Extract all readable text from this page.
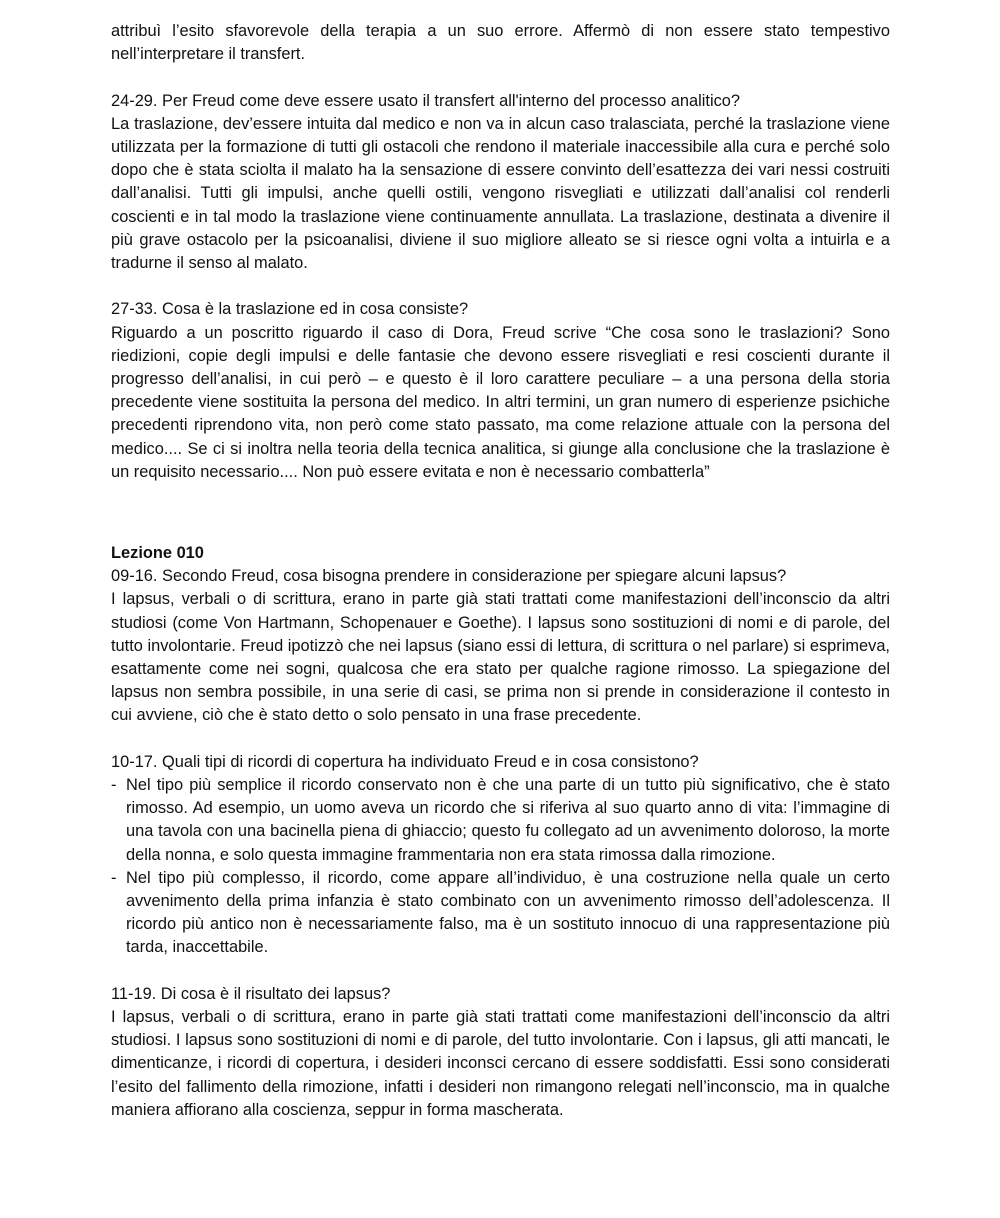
attribuì l’esito sfavorevole della terapia a un suo errore. Affermò di non essere stato tempestivo nell’interpretare il transfert.

24-29. Per Freud come deve essere usato il transfert all'interno del processo analitico?

La traslazione, dev’essere intuita dal medico e non va in alcun caso tralasciata, perché la traslazione viene utilizzata per la formazione di tutti gli ostacoli che rendono il materiale inaccessibile alla cura e perché solo dopo che è stata sciolta il malato ha la sensazione di essere convinto dell’esattezza dei vari nessi costruiti dall’analisi. Tutti gli impulsi, anche quelli ostili, vengono risvegliati e utilizzati dall’analisi col renderli coscienti e in tal modo la traslazione viene continuamente annullata. La traslazione, destinata a divenire il più grave ostacolo per la psicoanalisi, diviene il suo migliore alleato se si riesce ogni volta a intuirla e a tradurne il senso al malato.

27-33. Cosa è la traslazione ed in cosa consiste?

Riguardo a un poscritto riguardo il caso di Dora, Freud scrive “Che cosa sono le traslazioni? Sono riedizioni, copie degli impulsi e delle fantasie che devono essere risvegliati e resi coscienti durante il progresso dell’analisi, in cui però – e questo è il loro carattere peculiare – a una persona della storia precedente viene sostituita la persona del medico. In altri termini, un gran numero di esperienze psichiche precedenti riprendono vita, non però come stato passato, ma come relazione attuale con la persona del medico.... Se ci si inoltra nella teoria della tecnica analitica, si giunge alla conclusione che la traslazione è un requisito necessario.... Non può essere evitata e non è necessario combatterla”

Lezione 010

09-16. Secondo Freud, cosa bisogna prendere in considerazione per spiegare alcuni lapsus?

I lapsus, verbali o di scrittura, erano in parte già stati trattati come manifestazioni dell’inconscio da altri studiosi (come Von Hartmann, Schopenauer e Goethe). I lapsus sono sostituzioni di nomi e di parole, del tutto involontarie. Freud ipotizzò che nei lapsus (siano essi di lettura, di scrittura o nel parlare) si esprimeva, esattamente come nei sogni, qualcosa che era stato per qualche ragione rimosso. La spiegazione del lapsus non sembra possibile, in una serie di casi, se prima non si prende in considerazione il contesto in cui avviene, ciò che è stato detto o solo pensato in una frase precedente.

10-17. Quali tipi di ricordi di copertura ha individuato Freud e in cosa consistono?

- Nel tipo più semplice il ricordo conservato non è che una parte di un tutto più significativo, che è stato rimosso. Ad esempio, un uomo aveva un ricordo che si riferiva al suo quarto anno di vita: l’immagine di una tavola con una bacinella piena di ghiaccio; questo fu collegato ad un avvenimento doloroso, la morte della nonna, e solo questa immagine frammentaria non era stata rimossa dalla rimozione.
- Nel tipo più complesso, il ricordo, come appare all’individuo, è una costruzione nella quale un certo avvenimento della prima infanzia è stato combinato con un avvenimento rimosso dell’adolescenza. Il ricordo più antico non è necessariamente falso, ma è un sostituto innocuo di una rappresentazione più tarda, inaccettabile.

11-19. Di cosa è il risultato dei lapsus?

I lapsus, verbali o di scrittura, erano in parte già stati trattati come manifestazioni dell’inconscio da altri studiosi. I lapsus sono sostituzioni di nomi e di parole, del tutto involontarie. Con i lapsus, gli atti mancati, le dimenticanze, i ricordi di copertura, i desideri inconsci cercano di essere soddisfatti. Essi sono considerati l’esito del fallimento della rimozione, infatti i desideri non rimangono relegati nell’inconscio, ma in qualche maniera affiorano alla coscienza, seppur in forma mascherata.
